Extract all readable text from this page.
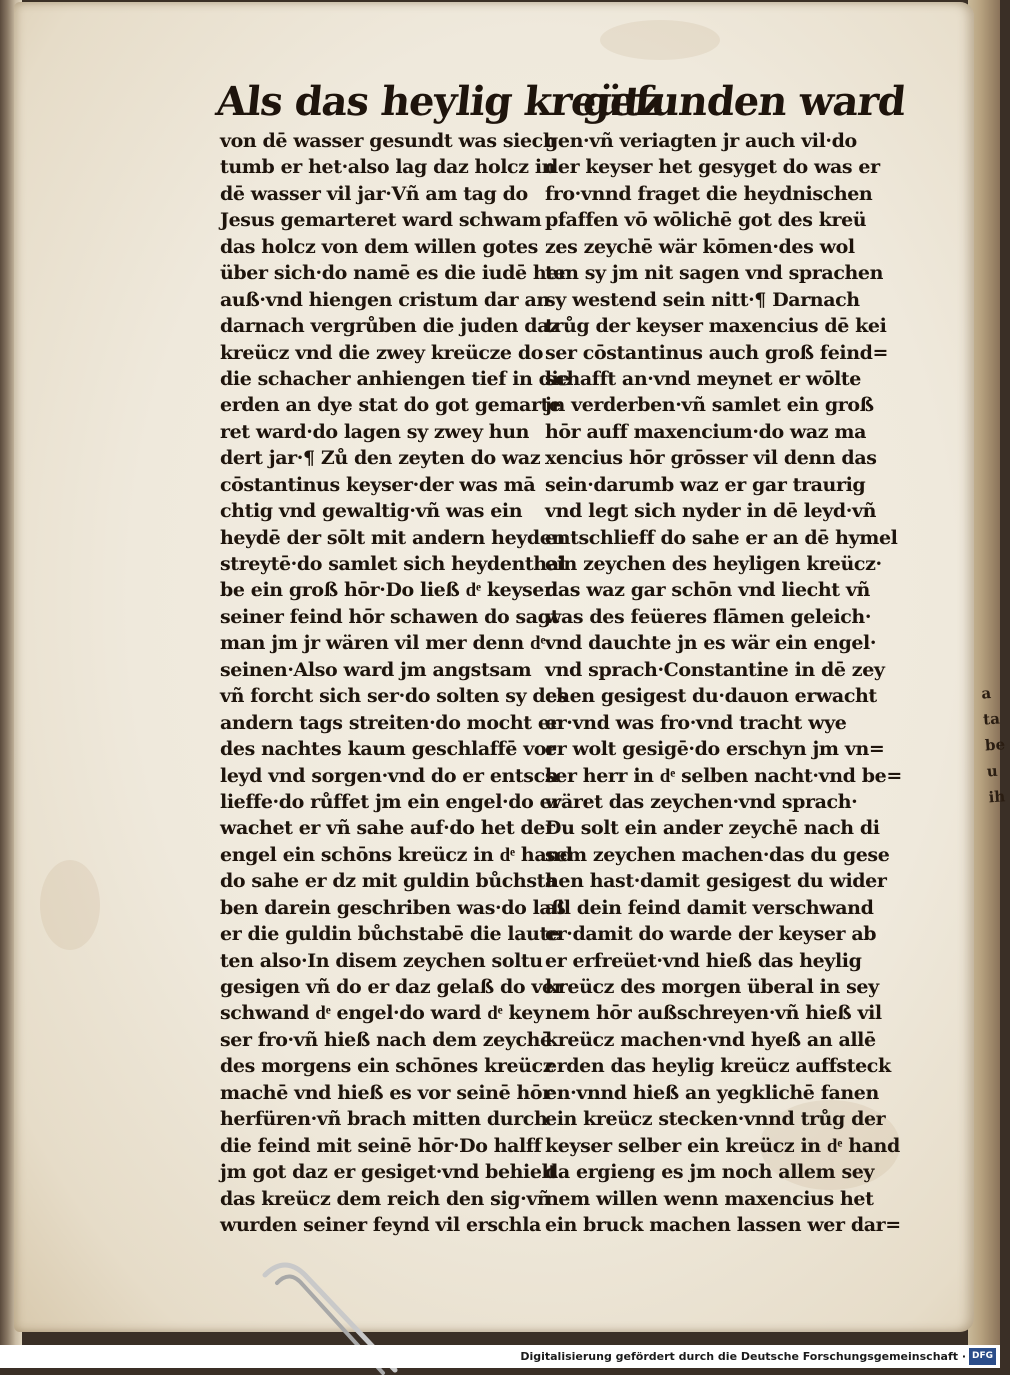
Als das heylig kreütz
gefunden ward
von dē wasser gesundt was siech
tumb er het·also lag daz holcz in
dē wasser vil jar·Vñ am tag do
Jesus gemarteret ward schwam
das holcz von dem willen gotes
über sich·do namē es die iudē her
auß·vnd hiengen cristum dar an
darnach vergrůben die juden daz
kreücz vnd die zwey kreücze do
die schacher anhiengen tief in die
erden an dye stat do got gemarte
ret ward·do lagen sy zwey hun
dert jar·¶ Zů den zeyten do waz
cōstantinus keyser·der was mā
chtig vnd gewaltig·vñ was ein
heydē der sōlt mit andern heyden
streytē·do samlet sich heydenthal
be ein groß hōr·Do ließ dͤ keyser
seiner feind hōr schawen do sagt
man jm jr wären vil mer denn dͤ
seinen·Also ward jm angstsam
vñ forcht sich ser·do solten sy des
andern tags streiten·do mocht er
des nachtes kaum geschlaffē vor
leyd vnd sorgen·vnd do er entsch
lieffe·do růffet jm ein engel·do er
wachet er vñ sahe auf·do het der
engel ein schōns kreücz in dͤ hand
do sahe er dz mit guldin bůchsta
ben darein geschriben was·do laß
er die guldin bůchstabē die laute
ten also·In disem zeychen soltu
gesigen vñ do er daz gelaß do ver
schwand dͤ engel·do ward dͤ key
ser fro·vñ hieß nach dem zeychē
des morgens ein schōnes kreücz
machē vnd hieß es vor seinē hōr
herfüren·vñ brach mitten durch
die feind mit seinē hōr·Do halff
jm got daz er gesiget·vnd behielt
das kreücz dem reich den sig·vñ
wurden seiner feynd vil erschla
gen·vñ veriagten jr auch vil·do
der keyser het gesyget do was er
fro·vnnd fraget die heydnischen
pfaffen vō wōlichē got des kreü
zes zeychē wär kōmen·des wol
ten sy jm nit sagen vnd sprachen
sy westend sein nitt·¶ Darnach
trůg der keyser maxencius dē kei
ser cōstantinus auch groß feind=
schafft an·vnd meynet er wōlte
jn verderben·vñ samlet ein groß
hōr auff maxencium·do waz ma
xencius hōr grōsser vil denn das
sein·darumb waz er gar traurig
vnd legt sich nyder in dē leyd·vñ
entschlieff do sahe er an dē hymel
ein zeychen des heyligen kreücz·
das waz gar schōn vnd liecht vñ
was des feüeres flāmen geleich·
vnd dauchte jn es wär ein engel·
vnd sprach·Constantine in dē zey
chen gesigest du·dauon erwacht
er·vnd was fro·vnd tracht wye
er wolt gesigē·do erschyn jm vn=
ser herr in dͤ selben nacht·vnd be=
wäret das zeychen·vnd sprach·
Du solt ein ander zeychē nach di
sem zeychen machen·das du gese
hen hast·damit gesigest du wider
all dein feind damit verschwand
er·damit do warde der keyser ab
er erfreüet·vnd hieß das heylig
kreücz des morgen überal in sey
nem hōr außschreyen·vñ hieß vil
kreücz machen·vnd hyeß an allē
erden das heylig kreücz auffsteck
en·vnnd hieß an yegklichē fanen
ein kreücz stecken·vnnd trůg der
keyser selber ein kreücz in dͤ hand
da ergieng es jm noch allem sey
nem willen wenn maxencius het
ein bruck machen lassen wer dar=
a
ta
be
u
ih
Digitalisierung gefördert durch die Deutsche Forschungsgemeinschaft · DFG
